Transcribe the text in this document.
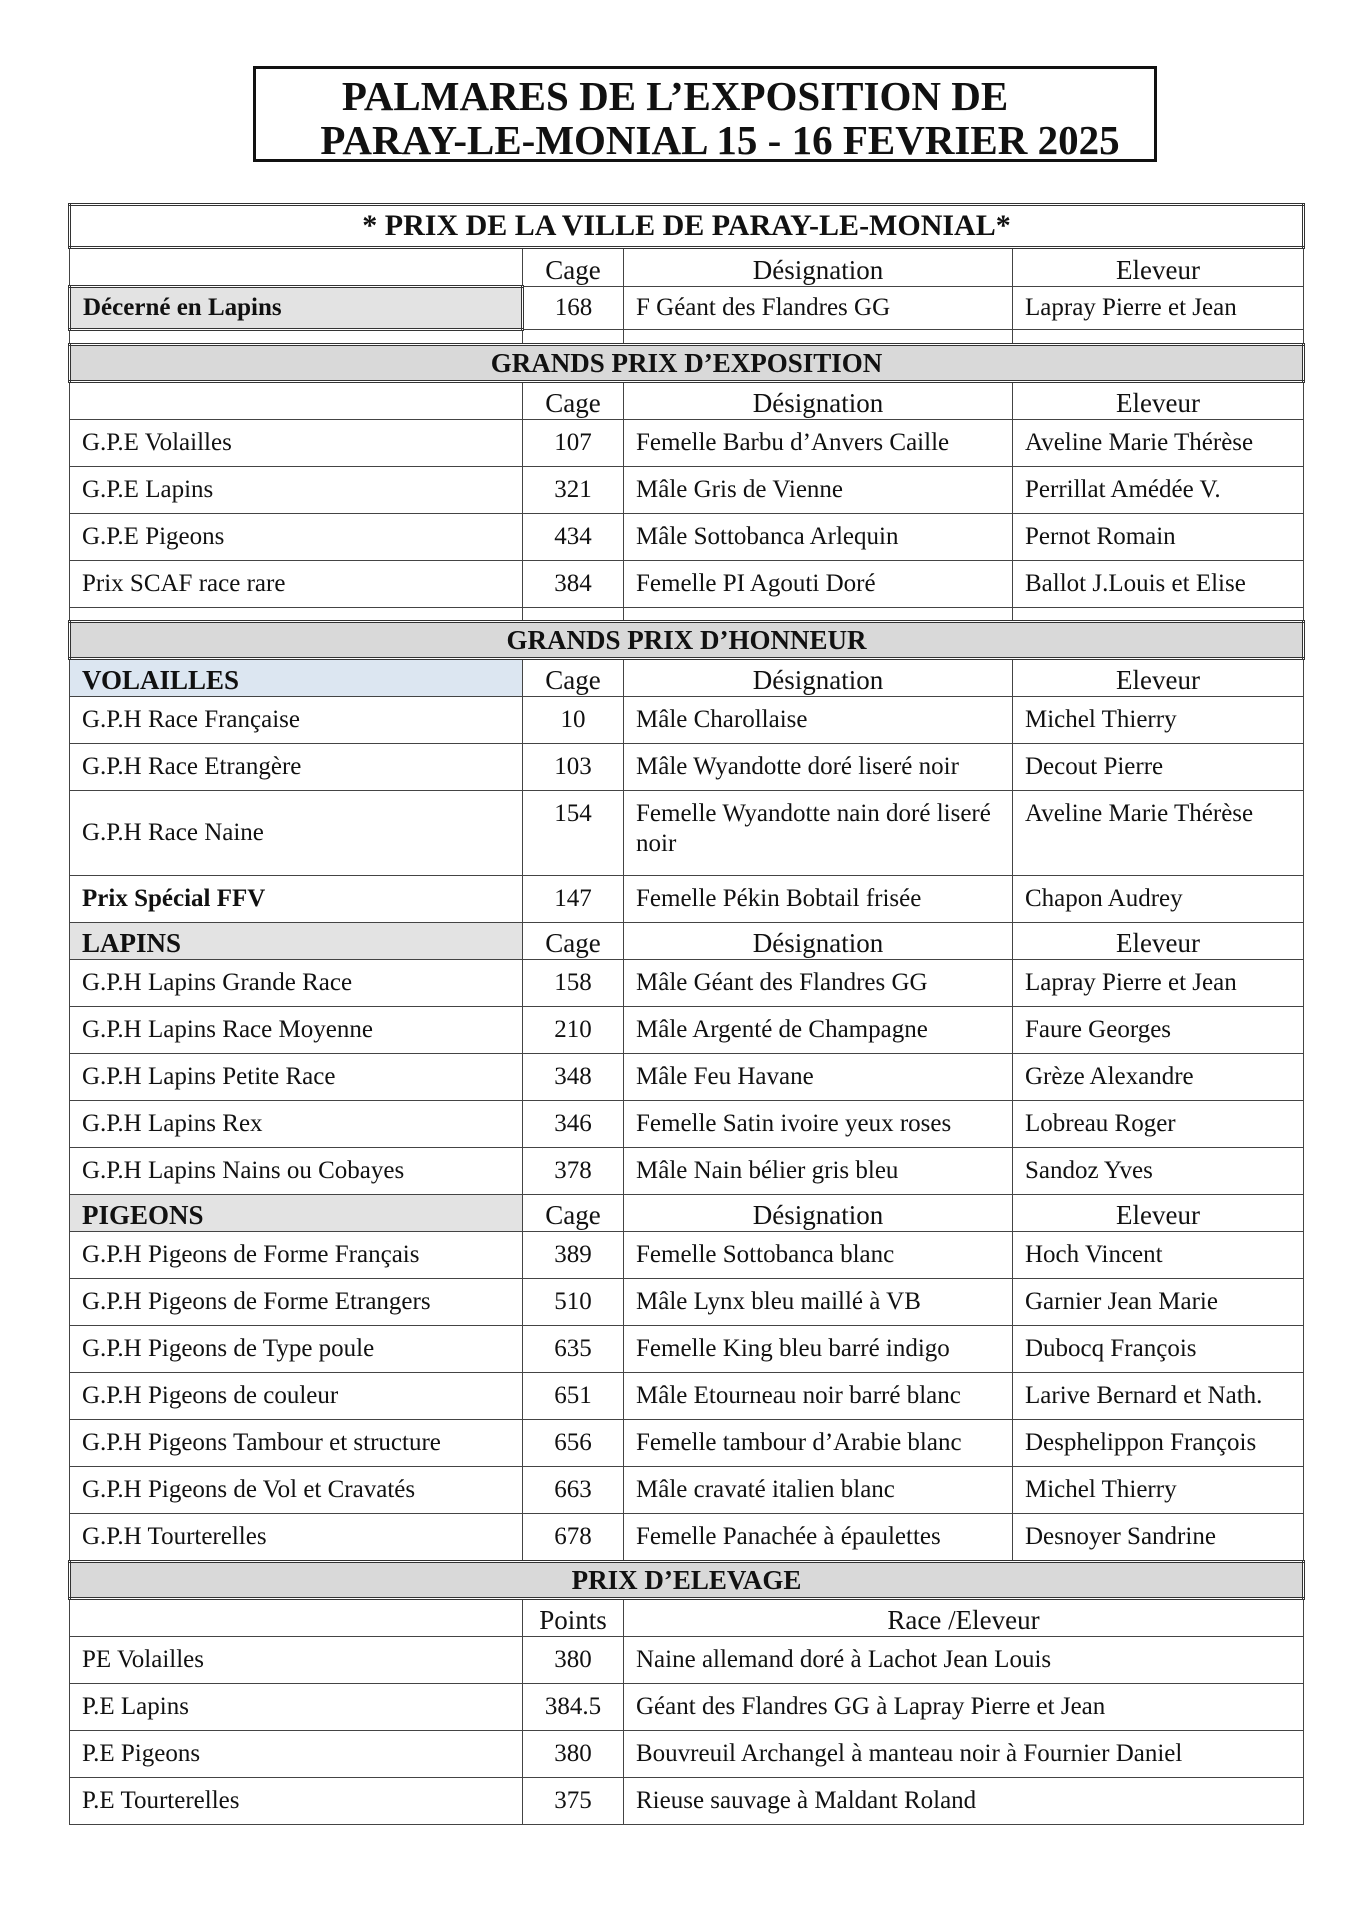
PALMARES DE L’EXPOSITION DE
PARAY-LE-MONIAL 15 - 16 FEVRIER 2025
* PRIX DE LA VILLE DE PARAY-LE-MONIAL*			
	Cage	Désignation	Eleveur
Décerné en Lapins	168	F Géant des Flandres GG	Lapray Pierre et Jean

GRANDS PRIX D’EXPOSITION			
	Cage	Désignation	Eleveur
G.P.E Volailles	107	Femelle Barbu d’Anvers Caille	Aveline Marie Thérèse
G.P.E Lapins	321	Mâle Gris de Vienne	Perrillat Amédée V.
G.P.E Pigeons	434	Mâle Sottobanca Arlequin	Pernot Romain
Prix SCAF race rare	384	Femelle PI Agouti Doré	Ballot J.Louis et Elise

GRANDS PRIX D’HONNEUR			
VOLAILLES	Cage	Désignation	Eleveur
G.P.H Race Française	10	Mâle Charollaise	Michel Thierry
G.P.H Race Etrangère	103	Mâle Wyandotte doré liseré noir	Decout Pierre
G.P.H Race Naine	154	Femelle Wyandotte nain doré liseré noir	Aveline Marie Thérèse
Prix Spécial FFV	147	Femelle Pékin Bobtail frisée	Chapon Audrey
LAPINS	Cage	Désignation	Eleveur
G.P.H Lapins Grande Race	158	Mâle Géant des Flandres GG	Lapray Pierre et Jean
G.P.H Lapins Race Moyenne	210	Mâle Argenté de Champagne	Faure Georges
G.P.H Lapins Petite Race	348	Mâle Feu Havane	Grèze Alexandre
G.P.H Lapins Rex	346	Femelle Satin ivoire yeux roses	Lobreau Roger
G.P.H Lapins Nains ou Cobayes	378	Mâle Nain bélier gris bleu	Sandoz Yves
PIGEONS	Cage	Désignation	Eleveur
G.P.H Pigeons de Forme Français	389	Femelle Sottobanca blanc	Hoch Vincent
G.P.H Pigeons de Forme Etrangers	510	Mâle Lynx bleu maillé à VB	Garnier Jean Marie
G.P.H Pigeons de Type poule	635	Femelle King bleu barré indigo	Dubocq François
G.P.H Pigeons de couleur	651	Mâle Etourneau noir barré blanc	Larive Bernard et Nath.
G.P.H Pigeons Tambour et structure	656	Femelle tambour d’Arabie blanc	Desphelippon François
G.P.H Pigeons de Vol et Cravatés	663	Mâle cravaté italien blanc	Michel Thierry
G.P.H Tourterelles	678	Femelle Panachée à épaulettes	Desnoyer Sandrine
PRIX D’ELEVAGE			
	Points	Race /Eleveur	
PE Volailles	380	Naine allemand doré à Lachot Jean Louis	
P.E Lapins	384.5	Géant des Flandres GG à Lapray Pierre et Jean	
P.E Pigeons	380	Bouvreuil Archangel à manteau noir à Fournier Daniel	
P.E Tourterelles	375	Rieuse sauvage à Maldant Roland	
